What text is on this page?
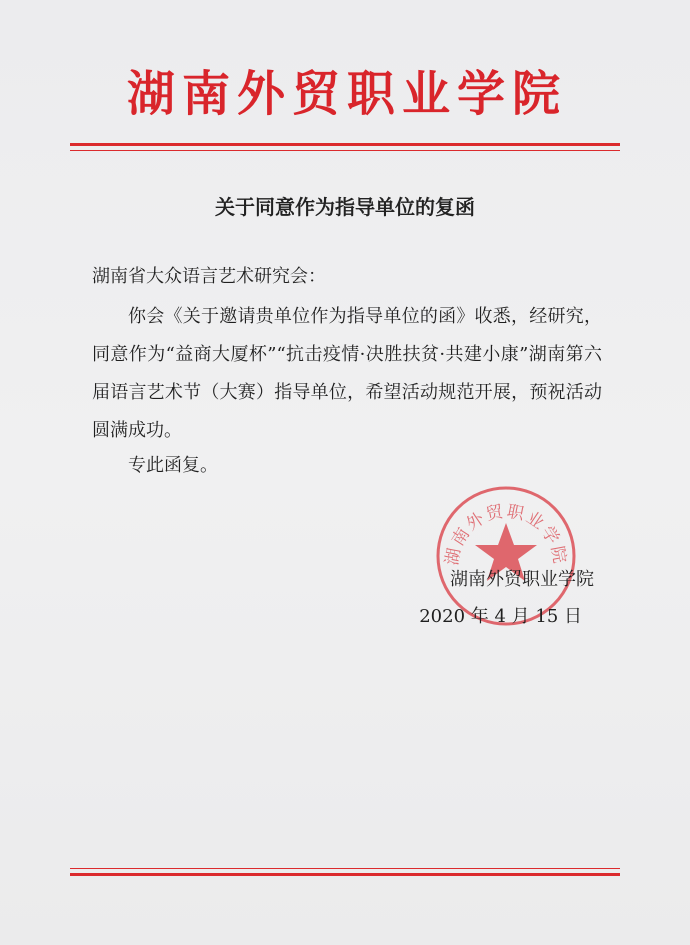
湖南外贸职业学院
关于同意作为指导单位的复函
湖南省大众语言艺术研究会：

你会《关于邀请贵单位作为指导单位的函》收悉，经研究，同意作为“益商大厦杯”“抗击疫情·决胜扶贫·共建小康”湖南第六届语言艺术节（大赛）指导单位，希望活动规范开展，预祝活动圆满成功。

专此函复。
湖南外贸职业学院
湖南外贸职业学院
2020 年 4 月 15 日
